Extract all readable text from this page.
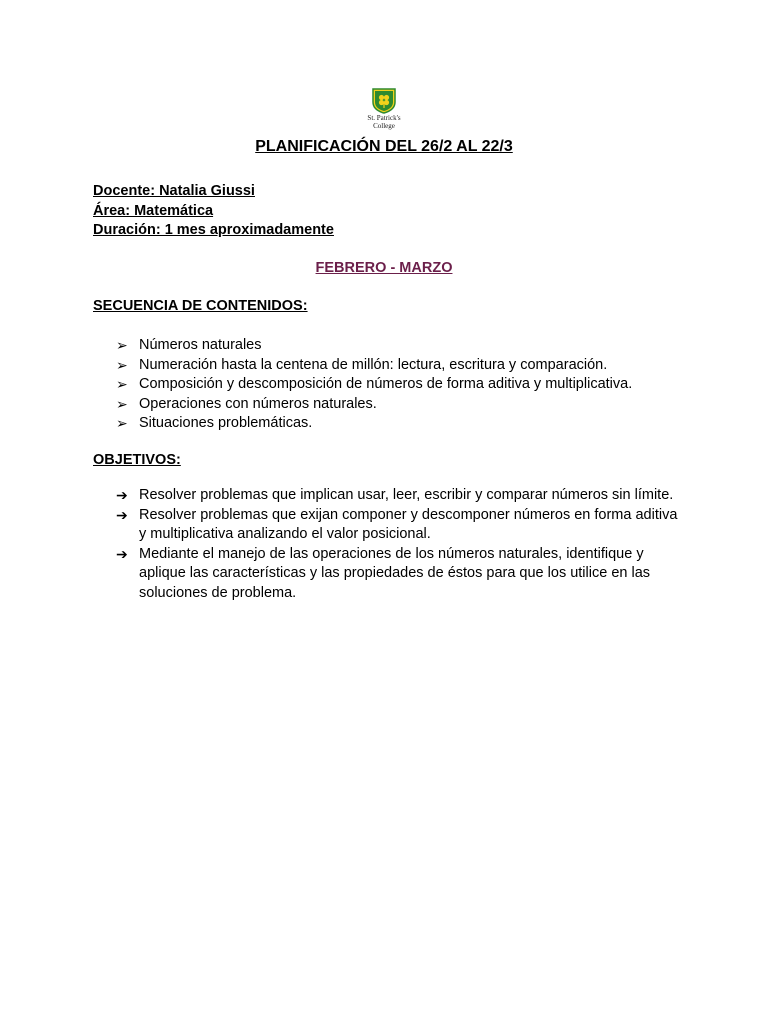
St. Patrick's
College
PLANIFICACIÓN DEL 26/2 AL 22/3
Docente: Natalia Giussi
Área: Matemática
Duración: 1 mes aproximadamente
FEBRERO - MARZO
SECUENCIA DE CONTENIDOS:
➢ Números naturales
➢ Numeración hasta la centena de millón: lectura, escritura y comparación.
➢ Composición y descomposición de números de forma aditiva y multiplicativa.
➢ Operaciones con números naturales.
➢ Situaciones problemáticas.
OBJETIVOS:
➔ Resolver problemas que implican usar, leer, escribir y comparar números sin límite.
➔ Resolver problemas que exijan componer y descomponer números en forma aditiva y multiplicativa analizando el valor posicional.
➔ Mediante el manejo de las operaciones de los números naturales, identifique y aplique las características y las propiedades de éstos para que los utilice en las soluciones de problema.
